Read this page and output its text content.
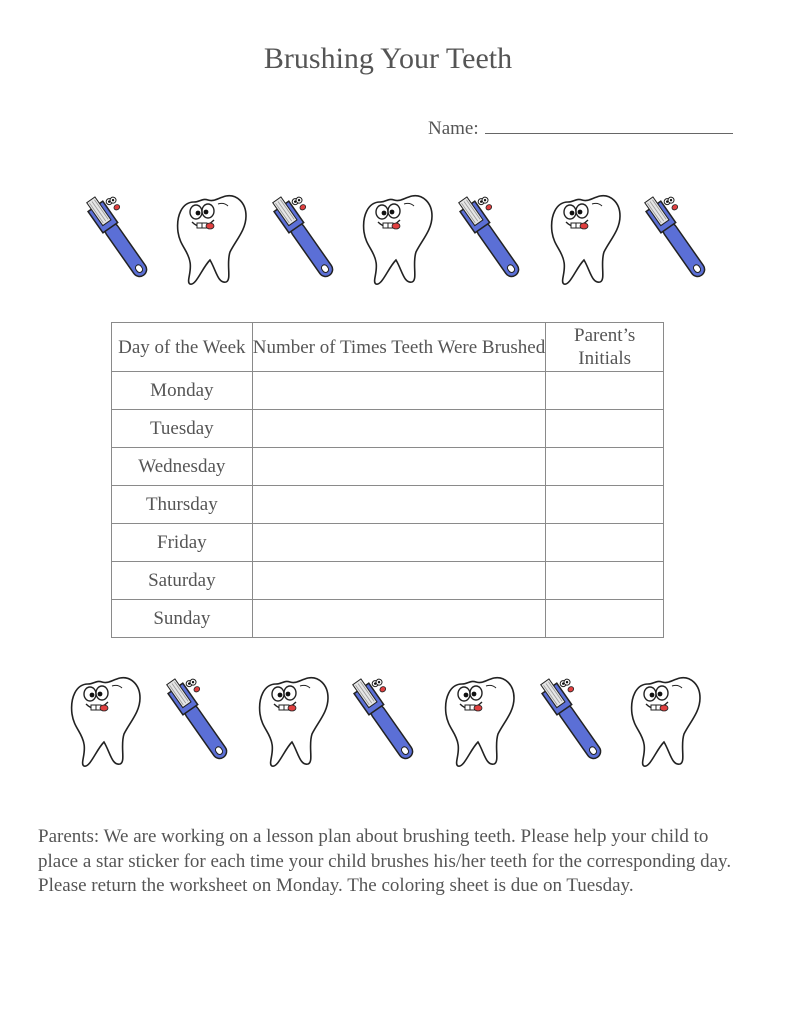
Brushing Your Teeth
Name:
Day of the Week	Number of Times Teeth Were Brushed	Parent’s Initials
Monday		
Tuesday		
Wednesday		
Thursday		
Friday		
Saturday		
Sunday		
Parents: We are working on a lesson plan about brushing teeth. Please help your child to place a star sticker for each time your child brushes his/her teeth for the corresponding day. Please return the worksheet on Monday. The coloring sheet is due on Tuesday.
